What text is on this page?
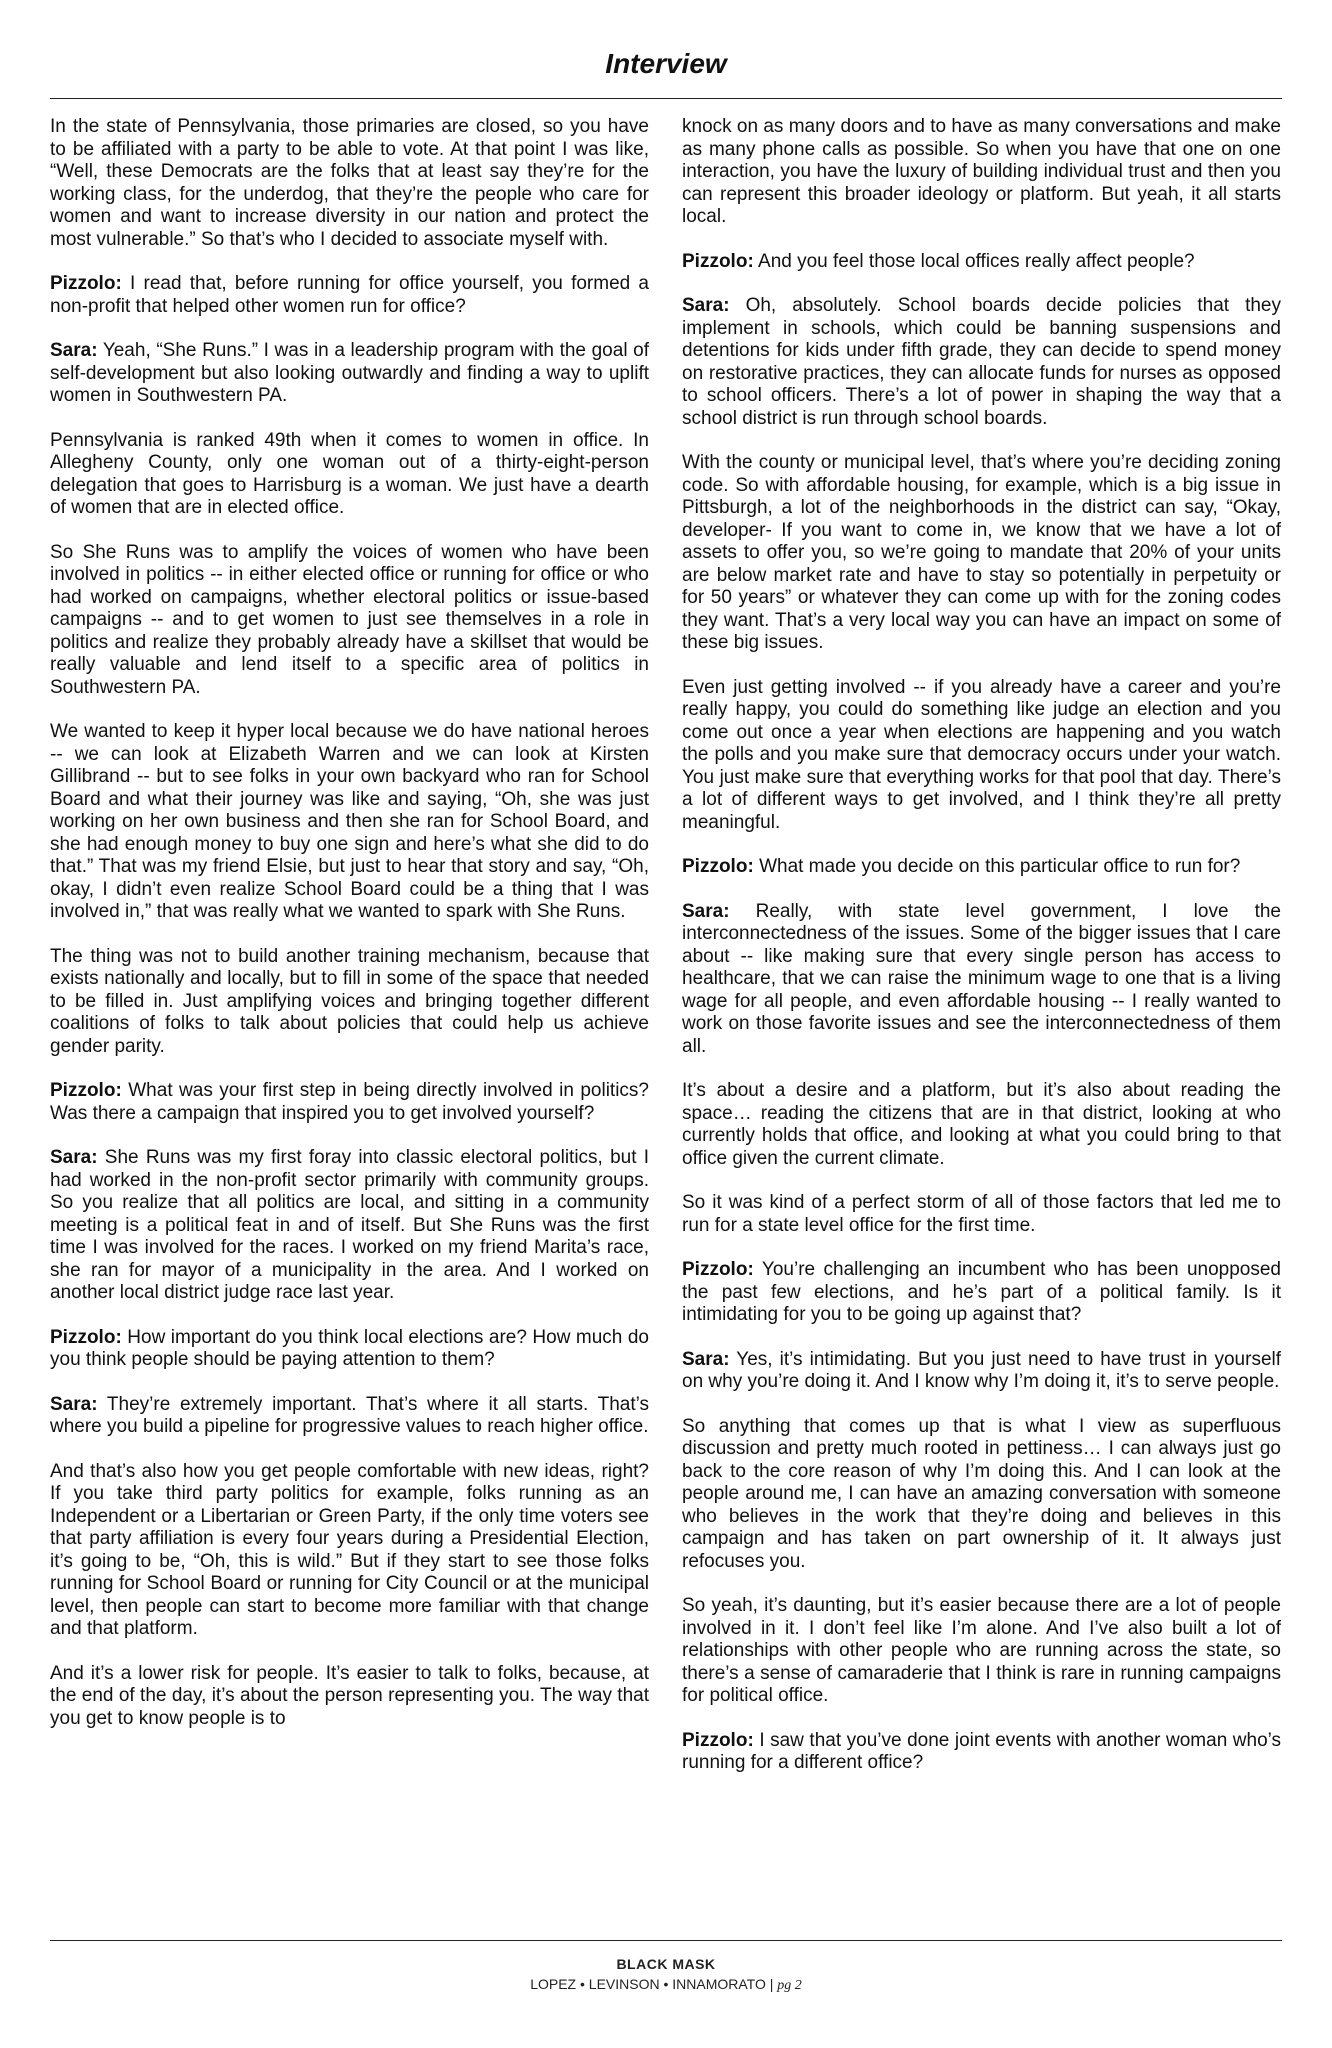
Interview

In the state of Pennsylvania, those primaries are closed, so you have to be affiliated with a party to be able to vote. At that point I was like, “Well, these Democrats are the folks that at least say they’re for the working class, for the underdog, that they’re the people who care for women and want to increase diversity in our nation and protect the most vulnerable.” So that’s who I decided to associate myself with.

Pizzolo: I read that, before running for office yourself, you formed a non-profit that helped other women run for office?

Sara: Yeah, “She Runs.” I was in a leadership program with the goal of self-development but also looking outwardly and finding a way to uplift women in Southwestern PA.

Pennsylvania is ranked 49th when it comes to women in office. In Allegheny County, only one woman out of a thirty-eight-person delegation that goes to Harrisburg is a woman. We just have a dearth of women that are in elected office.

So She Runs was to amplify the voices of women who have been involved in politics -- in either elected office or running for office or who had worked on campaigns, whether electoral politics or issue-based campaigns -- and to get women to just see themselves in a role in politics and realize they probably already have a skillset that would be really valuable and lend itself to a specific area of politics in Southwestern PA.

We wanted to keep it hyper local because we do have national heroes -- we can look at Elizabeth Warren and we can look at Kirsten Gillibrand -- but to see folks in your own backyard who ran for School Board and what their journey was like and saying, “Oh, she was just working on her own business and then she ran for School Board, and she had enough money to buy one sign and here’s what she did to do that.” That was my friend Elsie, but just to hear that story and say, “Oh, okay, I didn’t even realize School Board could be a thing that I was involved in,” that was really what we wanted to spark with She Runs.

The thing was not to build another training mechanism, because that exists nationally and locally, but to fill in some of the space that needed to be filled in. Just amplifying voices and bringing together different coalitions of folks to talk about policies that could help us achieve gender parity.

Pizzolo: What was your first step in being directly involved in politics? Was there a campaign that inspired you to get involved yourself?

Sara: She Runs was my first foray into classic electoral politics, but I had worked in the non-profit sector primarily with community groups. So you realize that all politics are local, and sitting in a community meeting is a political feat in and of itself. But She Runs was the first time I was involved for the races. I worked on my friend Marita’s race, she ran for mayor of a municipality in the area. And I worked on another local district judge race last year.

Pizzolo: How important do you think local elections are? How much do you think people should be paying attention to them?

Sara: They’re extremely important. That’s where it all starts. That’s where you build a pipeline for progressive values to reach higher office.

And that’s also how you get people comfortable with new ideas, right? If you take third party politics for example, folks running as an Independent or a Libertarian or Green Party, if the only time voters see that party affiliation is every four years during a Presidential Election, it’s going to be, “Oh, this is wild.” But if they start to see those folks running for School Board or running for City Council or at the municipal level, then people can start to become more familiar with that change and that platform.

And it’s a lower risk for people. It’s easier to talk to folks, because, at the end of the day, it’s about the person representing you. The way that you get to know people is to

knock on as many doors and to have as many conversations and make as many phone calls as possible. So when you have that one on one interaction, you have the luxury of building individual trust and then you can represent this broader ideology or platform. But yeah, it all starts local.

Pizzolo: And you feel those local offices really affect people?

Sara: Oh, absolutely. School boards decide policies that they implement in schools, which could be banning suspensions and detentions for kids under fifth grade, they can decide to spend money on restorative practices, they can allocate funds for nurses as opposed to school officers. There’s a lot of power in shaping the way that a school district is run through school boards.

With the county or municipal level, that’s where you’re deciding zoning code. So with affordable housing, for example, which is a big issue in Pittsburgh, a lot of the neighborhoods in the district can say, “Okay, developer- If you want to come in, we know that we have a lot of assets to offer you, so we’re going to mandate that 20% of your units are below market rate and have to stay so potentially in perpetuity or for 50 years” or whatever they can come up with for the zoning codes they want. That’s a very local way you can have an impact on some of these big issues.

Even just getting involved -- if you already have a career and you’re really happy, you could do something like judge an election and you come out once a year when elections are happening and you watch the polls and you make sure that democracy occurs under your watch. You just make sure that everything works for that pool that day. There’s a lot of different ways to get involved, and I think they’re all pretty meaningful.

Pizzolo: What made you decide on this particular office to run for?

Sara: Really, with state level government, I love the interconnectedness of the issues. Some of the bigger issues that I care about -- like making sure that every single person has access to healthcare, that we can raise the minimum wage to one that is a living wage for all people, and even affordable housing -- I really wanted to work on those favorite issues and see the interconnectedness of them all.

It’s about a desire and a platform, but it’s also about reading the space… reading the citizens that are in that district, looking at who currently holds that office, and looking at what you could bring to that office given the current climate.

So it was kind of a perfect storm of all of those factors that led me to run for a state level office for the first time.

Pizzolo: You’re challenging an incumbent who has been unopposed the past few elections, and he’s part of a political family. Is it intimidating for you to be going up against that?

Sara: Yes, it’s intimidating. But you just need to have trust in yourself on why you’re doing it. And I know why I’m doing it, it’s to serve people.

So anything that comes up that is what I view as superfluous discussion and pretty much rooted in pettiness… I can always just go back to the core reason of why I’m doing this. And I can look at the people around me, I can have an amazing conversation with someone who believes in the work that they’re doing and believes in this campaign and has taken on part ownership of it. It always just refocuses you.

So yeah, it’s daunting, but it’s easier because there are a lot of people involved in it. I don’t feel like I’m alone. And I’ve also built a lot of relationships with other people who are running across the state, so there’s a sense of camaraderie that I think is rare in running campaigns for political office.

Pizzolo: I saw that you’ve done joint events with another woman who’s running for a different office?

BLACK MASK
LOPEZ • LEVINSON • INNAMORATO | pg 2
